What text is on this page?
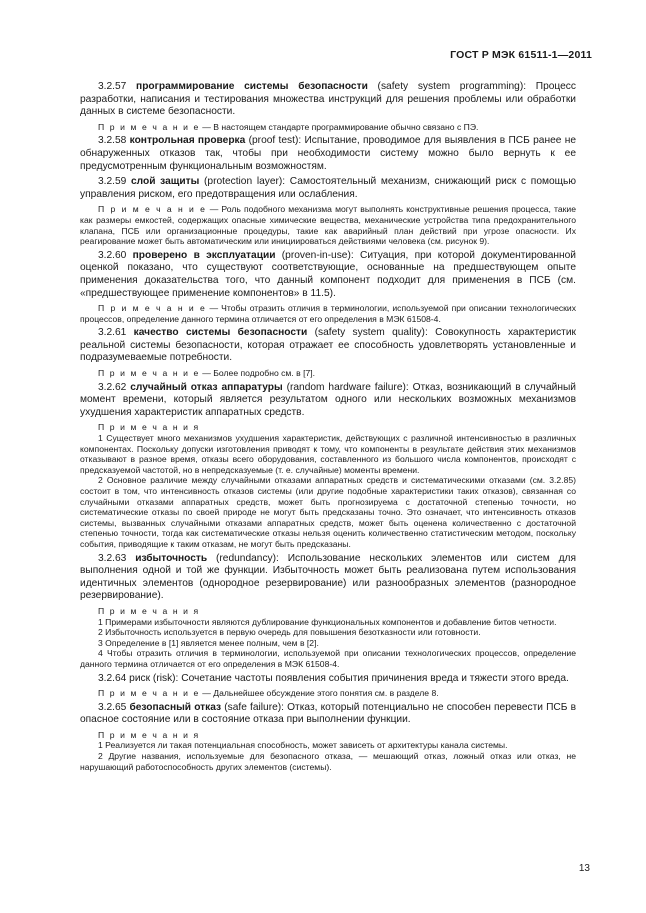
ГОСТ Р МЭК 61511-1—2011

3.2.57 программирование системы безопасности (safety system programming): Процесс разработки, написания и тестирования множества инструкций для решения проблемы или обработки данных в системе безопасности.

П р и м е ч а н и е — В настоящем стандарте программирование обычно связано с ПЭ.

3.2.58 контрольная проверка (proof test): Испытание, проводимое для выявления в ПСБ ранее не обнаруженных отказов так, чтобы при необходимости систему можно было вернуть к ее предусмотренным функциональным возможностям.

3.2.59 слой защиты (protection layer): Самостоятельный механизм, снижающий риск с помощью управления риском, его предотвращения или ослабления.

П р и м е ч а н и е — Роль подобного механизма могут выполнять конструктивные решения процесса, такие как размеры емкостей, содержащих опасные химические вещества, механические устройства типа предохранительного клапана, ПСБ или организационные процедуры, такие как аварийный план действий при угрозе опасности. Их реагирование может быть автоматическим или инициироваться действиями человека (см. рисунок 9).

3.2.60 проверено в эксплуатации (proven-in-use): Ситуация, при которой документированной оценкой показано, что существуют соответствующие, основанные на предшествующем опыте применения доказательства того, что данный компонент подходит для применения в ПСБ (см. «предшествующее применение компонентов» в 11.5).

П р и м е ч а н и е — Чтобы отразить отличия в терминологии, используемой при описании технологических процессов, определение данного термина отличается от его определения в МЭК 61508-4.

3.2.61 качество системы безопасности (safety system quality): Совокупность характеристик реальной системы безопасности, которая отражает ее способность удовлетворять установленные и подразумеваемые потребности.

П р и м е ч а н и е — Более подробно см. в [7].

3.2.62 случайный отказ аппаратуры (random hardware failure): Отказ, возникающий в случайный момент времени, который является результатом одного или нескольких возможных механизмов ухудшения характеристик аппаратных средств.

П р и м е ч а н и я

1 Существует много механизмов ухудшения характеристик, действующих с различной интенсивностью в различных компонентах. Поскольку допуски изготовления приводят к тому, что компоненты в результате действия этих механизмов отказывают в разное время, отказы всего оборудования, составленного из большого числа компонентов, происходят с предсказуемой частотой, но в непредсказуемые (т. е. случайные) моменты времени.

2 Основное различие между случайными отказами аппаратных средств и систематическими отказами (см. 3.2.85) состоит в том, что интенсивность отказов системы (или другие подобные характеристики таких отказов), связанная со случайными отказами аппаратных средств, может быть прогнозируема с достаточной степенью точности, но систематические отказы по своей природе не могут быть предсказаны точно. Это означает, что интенсивность отказов системы, вызванных случайными отказами аппаратных средств, может быть оценена количественно с достаточной степенью точности, тогда как систематические отказы нельзя оценить количественно статистическим методом, поскольку события, приводящие к таким отказам, не могут быть предсказаны.

3.2.63 избыточность (redundancy): Использование нескольких элементов или систем для выполнения одной и той же функции. Избыточность может быть реализована путем использования идентичных элементов (однородное резервирование) или разнообразных элементов (разнородное резервирование).

П р и м е ч а н и я

1 Примерами избыточности являются дублирование функциональных компонентов и добавление битов четности.

2 Избыточность используется в первую очередь для повышения безотказности или готовности.

3 Определение в [1] является менее полным, чем в [2].

4 Чтобы отразить отличия в терминологии, используемой при описании технологических процессов, определение данного термина отличается от его определения в МЭК 61508-4.

3.2.64 риск (risk): Сочетание частоты появления события причинения вреда и тяжести этого вреда.

П р и м е ч а н и е — Дальнейшее обсуждение этого понятия см. в разделе 8.

3.2.65 безопасный отказ (safe failure): Отказ, который потенциально не способен перевести ПСБ в опасное состояние или в состояние отказа при выполнении функции.

П р и м е ч а н и я

1 Реализуется ли такая потенциальная способность, может зависеть от архитектуры канала системы.

2 Другие названия, используемые для безопасного отказа, — мешающий отказ, ложный отказ или отказ, не нарушающий работоспособность других элементов (системы).

13
